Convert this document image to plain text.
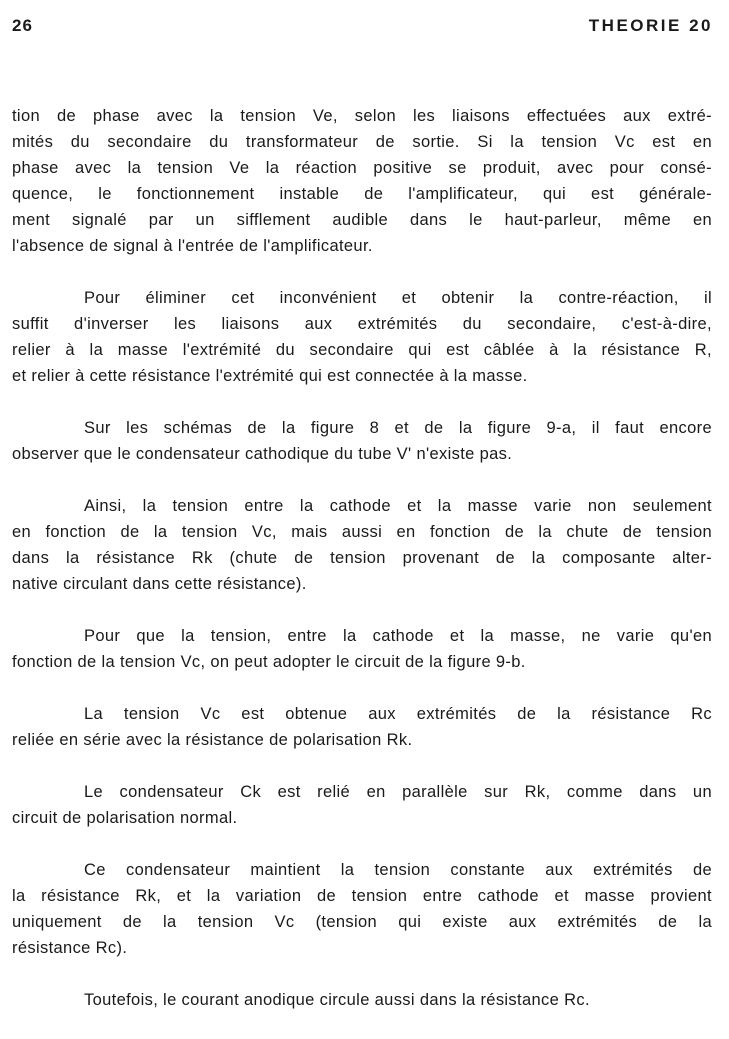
26	THEORIE 20

tion de phase avec la tension Ve, selon les liaisons effectuées aux extré-
mités du secondaire du transformateur de sortie. Si la tension Vc est en
phase avec la tension Ve la réaction positive se produit, avec pour consé-
quence, le fonctionnement instable de l'amplificateur, qui est générale-
ment signalé par un sifflement audible dans le haut-parleur, même en
l'absence de signal à l'entrée de l'amplificateur.

Pour éliminer cet inconvénient et obtenir la contre-réaction, il
suffit d'inverser les liaisons aux extrémités du secondaire, c'est-à-dire,
relier à la masse l'extrémité du secondaire qui est câblée à la résistance R,
et relier à cette résistance l'extrémité qui est connectée à la masse.

Sur les schémas de la figure 8 et de la figure 9-a, il faut encore
observer que le condensateur cathodique du tube V' n'existe pas.

Ainsi, la tension entre la cathode et la masse varie non seulement
en fonction de la tension Vc, mais aussi en fonction de la chute de tension
dans la résistance Rk (chute de tension provenant de la composante alter-
native circulant dans cette résistance).

Pour que la tension, entre la cathode et la masse, ne varie qu'en
fonction de la tension Vc, on peut adopter le circuit de la figure 9-b.

La tension Vc est obtenue aux extrémités de la résistance Rc
reliée en série avec la résistance de polarisation Rk.

Le condensateur Ck est relié en parallèle sur Rk, comme dans un
circuit de polarisation normal.

Ce condensateur maintient la tension constante aux extrémités de
la résistance Rk, et la variation de tension entre cathode et masse provient
uniquement de la tension Vc (tension qui existe aux extrémités de la
résistance Rc).

Toutefois, le courant anodique circule aussi dans la résistance Rc.
